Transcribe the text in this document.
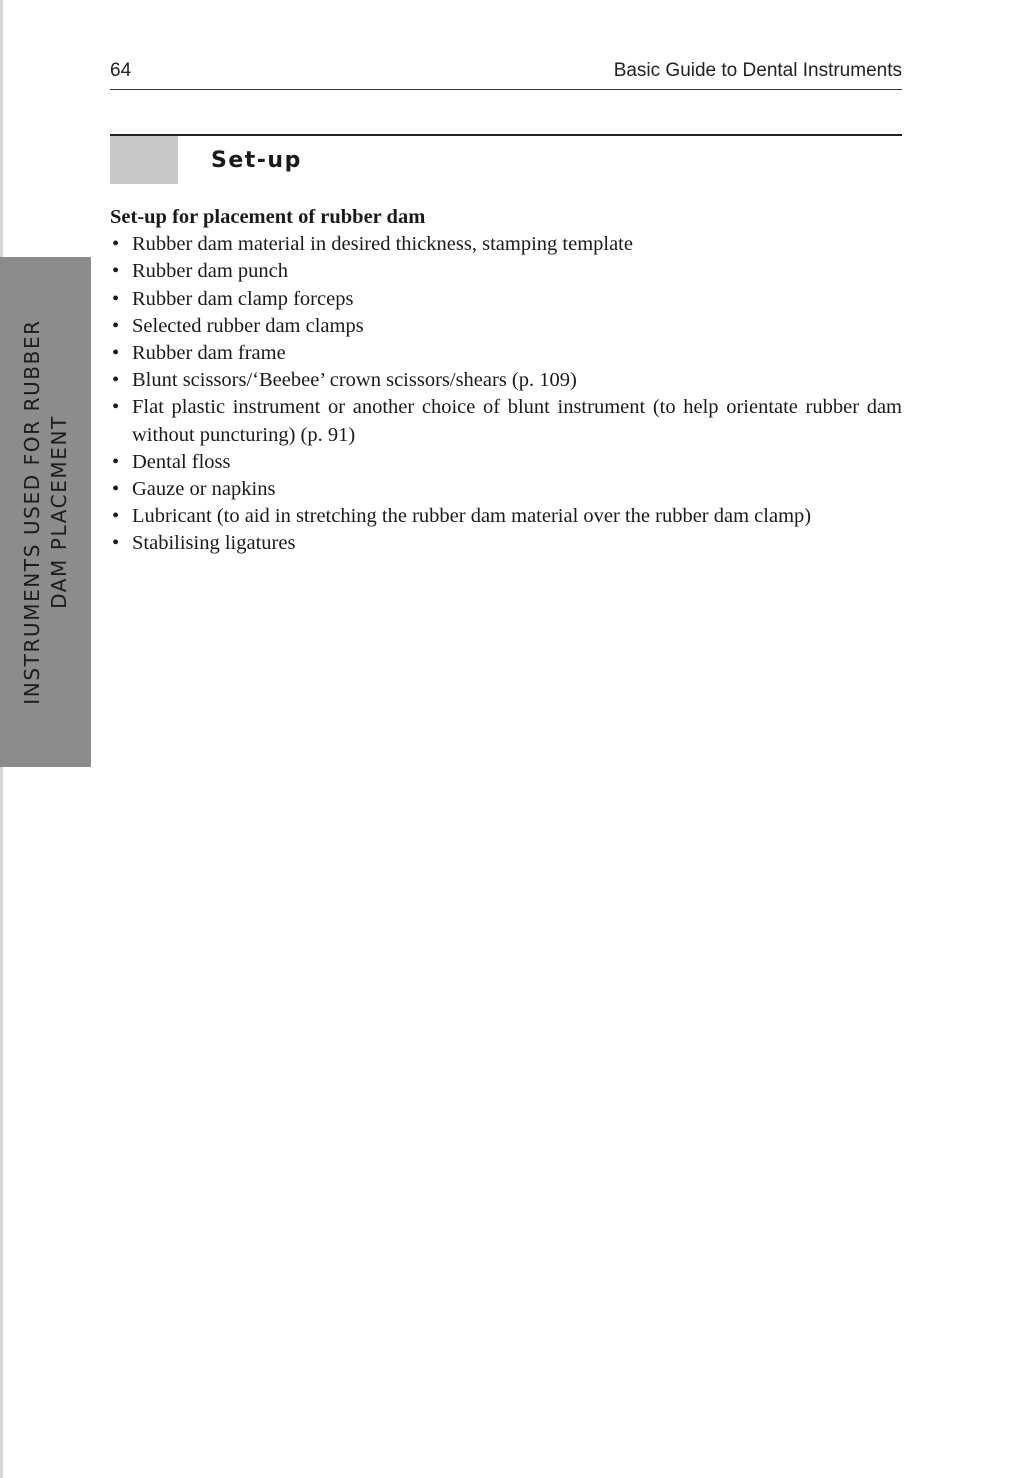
64	Basic Guide to Dental Instruments
Set-up
INSTRUMENTS USED FOR RUBBER DAM PLACEMENT

Set-up for placement of rubber dam

• Rubber dam material in desired thickness, stamping template
• Rubber dam punch
• Rubber dam clamp forceps
• Selected rubber dam clamps
• Rubber dam frame
• Blunt scissors/‘Beebee’ crown scissors/shears (p. 109)
• Flat plastic instrument or another choice of blunt instrument (to help orientate rubber dam without puncturing) (p. 91)
• Dental floss
• Gauze or napkins
• Lubricant (to aid in stretching the rubber dam material over the rubber dam clamp)
• Stabilising ligatures
